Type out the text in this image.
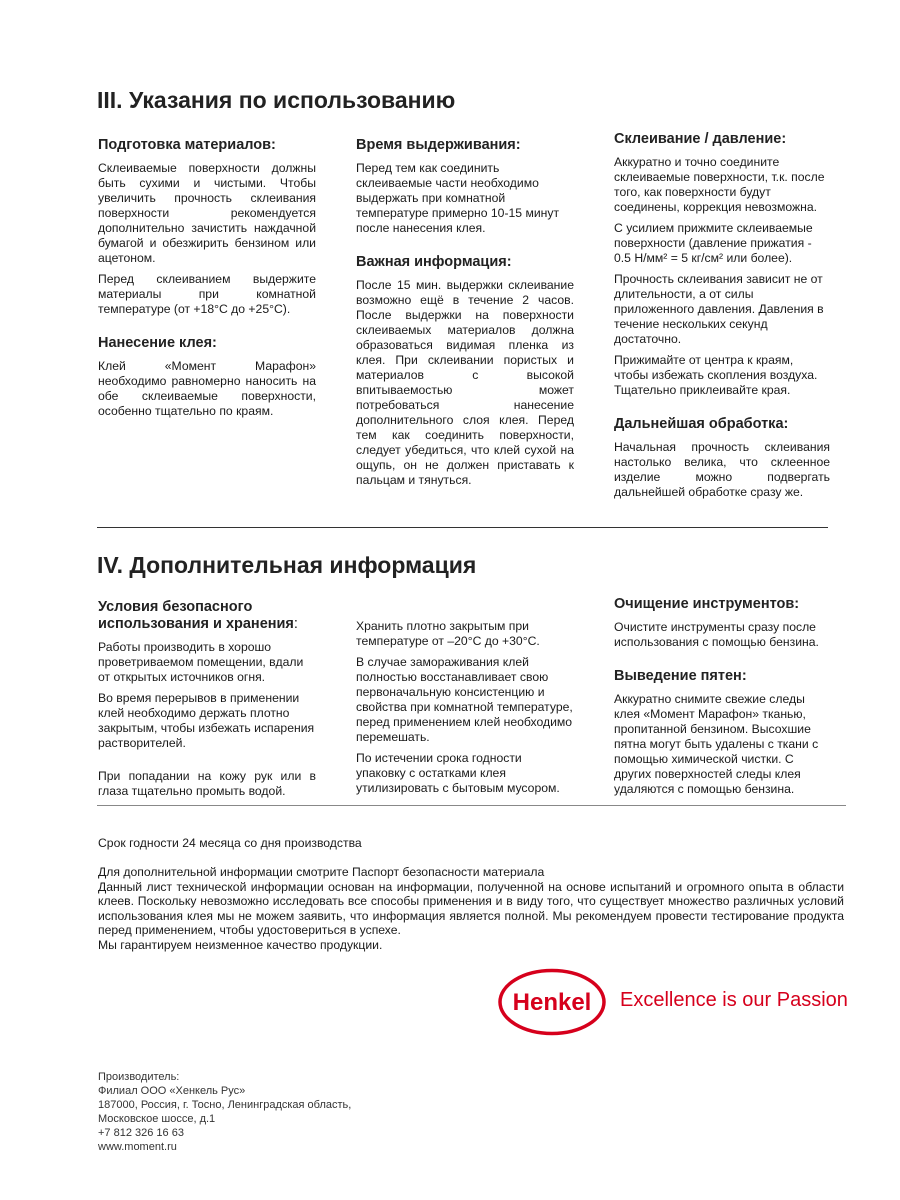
III. Указания по использованию
Подготовка материалов:

Склеиваемые поверхности должны быть сухими и чистыми. Чтобы увеличить прочность склеивания поверхности рекомендуется дополнительно зачистить наждачной бумагой и обезжирить бензином или ацетоном.

Перед склеиванием выдержите материалы при комнатной температуре (от +18°С до +25°С).

Нанесение клея:

Клей «Момент Марафон» необходимо равномерно наносить на обе склеиваемые поверхности, особенно тщательно по краям.

Время выдерживания:

Перед тем как соединить склеиваемые части необходимо выдержать при комнатной температуре примерно 10-15 минут после нанесения клея.

Важная информация:

После 15 мин. выдержки склеивание возможно ещё в течение 2 часов. После выдержки на поверхности склеиваемых материалов должна образоваться видимая пленка из клея. При склеивании пористых и материалов с высокой впитываемостью может потребоваться нанесение дополнительного слоя клея. Перед тем как соединить поверхности, следует убедиться, что клей сухой на ощупь, он не должен приставать к пальцам и тянуться.

Склеивание / давление:

Аккуратно и точно соедините склеиваемые поверхности, т.к. после того, как поверхности будут соединены, коррекция невозможна.

С усилием прижмите склеиваемые поверхности (давление прижатия - 0.5 Н/мм² = 5 кг/см² или более).

Прочность склеивания зависит не от длительности, а от силы приложенного давления. Давления в течение нескольких секунд достаточно.

Прижимайте от центра к краям, чтобы избежать скопления воздуха. Тщательно приклеивайте края.

Дальнейшая обработка:

Начальная прочность склеивания настолько велика, что склеенное изделие можно подвергать дальнейшей обработке сразу же.

IV. Дополнительная информация
Условия безопасного использования и хранения:

Работы производить в хорошо проветриваемом помещении, вдали от открытых источников огня.

Во время перерывов в применении клей необходимо держать плотно закрытым, чтобы избежать испарения растворителей.

При попадании на кожу рук или в глаза тщательно промыть водой.

Хранить плотно закрытым при температуре от –20°С до +30°С.

В случае замораживания клей полностью восстанавливает свою первоначальную консистенцию и свойства при комнатной температуре, перед применением клей необходимо перемешать.

По истечении срока годности упаковку с остатками клея утилизировать с бытовым мусором.

Очищение инструментов:

Очистите инструменты сразу после использования с помощью бензина.

Выведение пятен:

Аккуратно снимите свежие следы клея «Момент Марафон» тканью, пропитанной бензином. Высохшие пятна могут быть удалены с ткани с помощью химической чистки. С других поверхностей следы клея удаляются с помощью бензина.

Срок годности 24 месяца со дня производства

Для дополнительной информации смотрите Паспорт безопасности материала

Данный лист технической информации основан на информации, полученной на основе испытаний и огромного опыта в области клеев. Поскольку невозможно исследовать все способы применения и в виду того, что существует множество различных условий использования клея мы не можем заявить, что информация является полной. Мы рекомендуем провести тестирование продукта перед применением, чтобы удостовериться в успехе.

Мы гарантируем неизменное качество продукции.

Henkel Excellence is our Passion
Производитель:
Филиал ООО «Хенкель Рус»
187000, Россия, г. Тосно, Ленинградская область,
Московское шоссе, д.1
+7 812 326 16 63
www.moment.ru
